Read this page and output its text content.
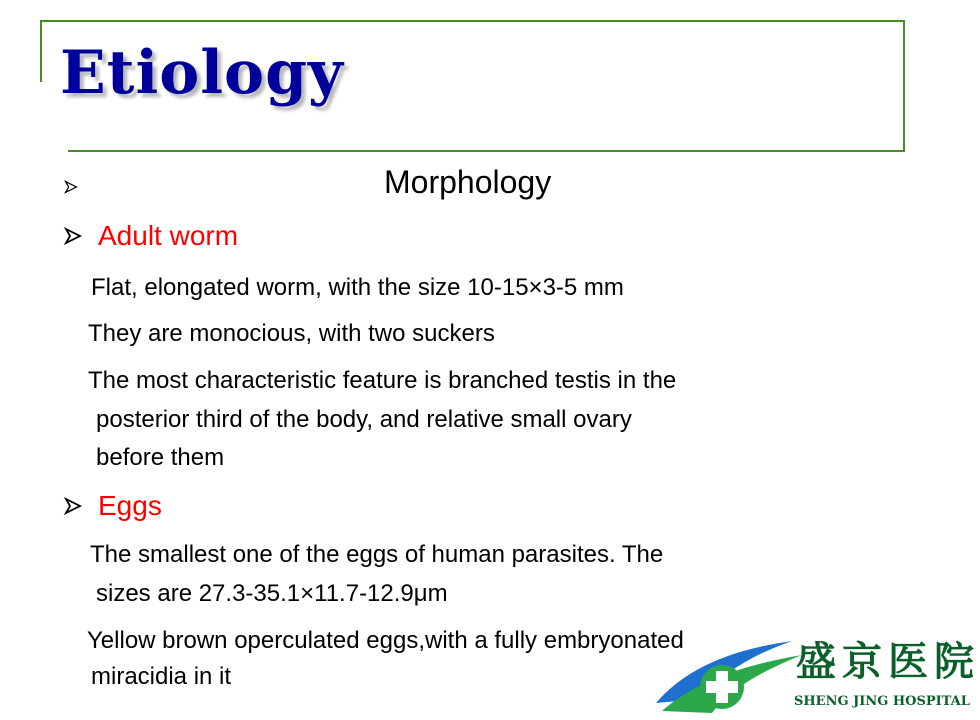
Etiology
Morphology
Adult worm
Flat, elongated worm, with the size 10-15×3-5 mm
They are monocious, with two suckers
The most characteristic feature is branched testis in the
posterior third of the body, and relative small ovary
before them
Eggs
The smallest one of the eggs of human parasites. The
sizes are 27.3-35.1×11.7-12.9μm
Yellow brown operculated eggs,with a fully embryonated
miracidia in it	盛京医院
SHENG JING HOSPITAL
